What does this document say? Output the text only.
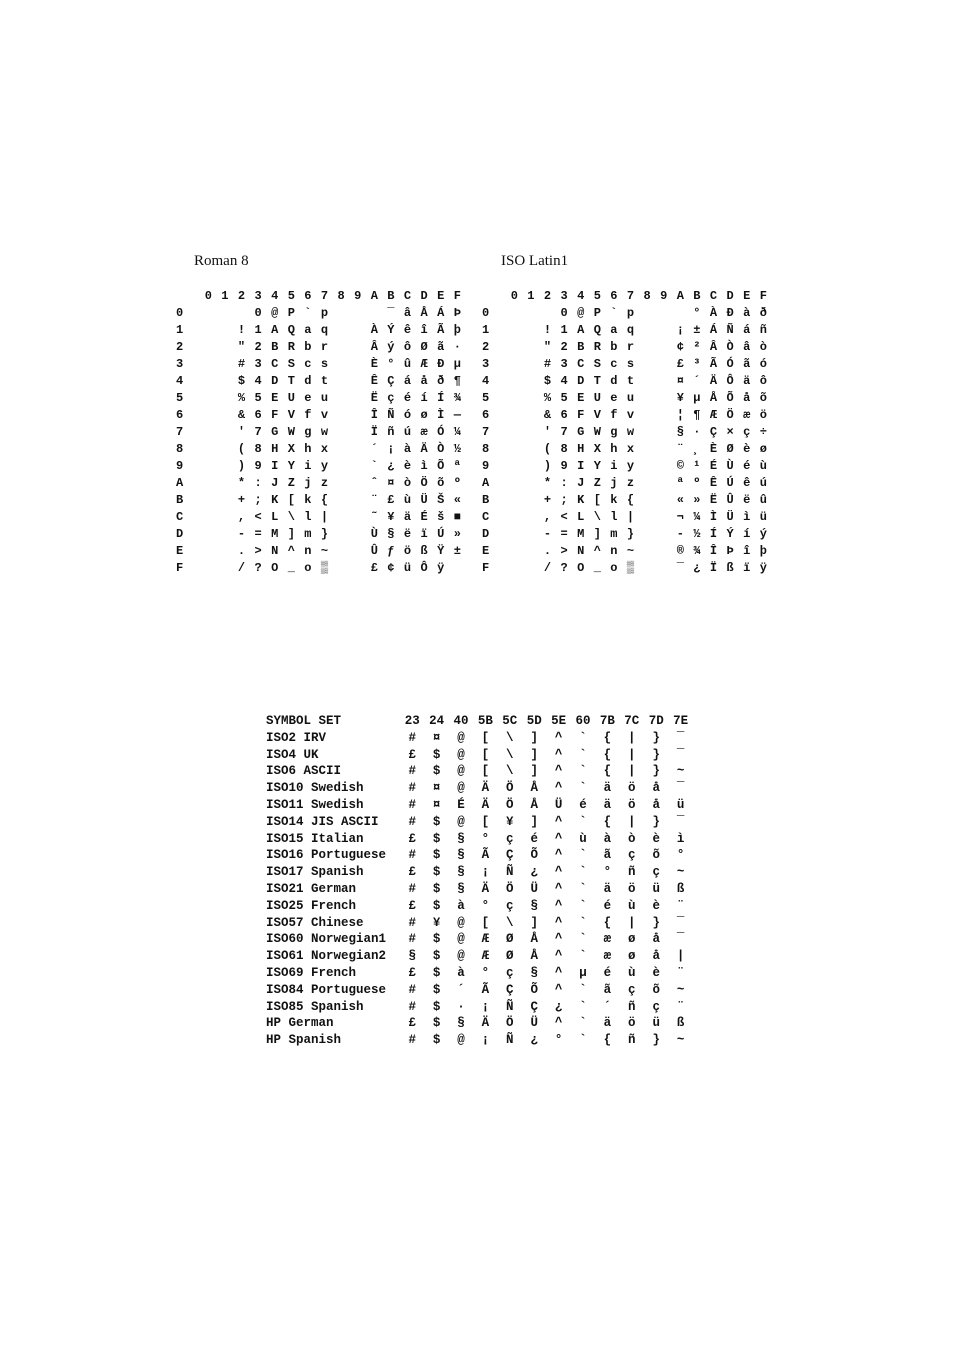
Roman 8	ISO Latin1
0 1 2 3 4 5 6 7 8 9 A B C D E F
0	0 @ P ` p	¯ â Å Á Þ
1	! 1 A Q a q	À Ý ê î Ã þ
2	" 2 B R b r	Â ý ô Ø ã ·
3	# 3 C S c s	È ° û Æ Ð µ
4	$ 4 D T d t	Ê Ç á å ð ¶
5	% 5 E U e u	Ë ç é í Í ¾
6	& 6 F V f v	Î Ñ ó ø Ì —
7	' 7 G W g w	Ï ñ ú æ Ó ¼
8	( 8 H X h x	´ ¡ à Ä Ò ½
9	) 9 I Y i y	` ¿ è ì Õ ª
A	* : J Z j z	ˆ ¤ ò Ö õ º
B	+ ; K [ k {	¨ £ ù Ü Š «
C	, < L \ l |	˜ ¥ ä É š ■
D	- = M ] m }	Ù § ë ï Ú »
E	. > N ^ n ~	Û ƒ ö ß Ÿ ±
F	/ ? O _ o ▒	£ ¢ ü Ô ÿ
0 1 2 3 4 5 6 7 8 9 A B C D E F
0	0 @ P ` p	° À Ð à ð
1	! 1 A Q a q	¡ ± Á Ñ á ñ
2	" 2 B R b r	¢ ² Â Ò â ò
3	# 3 C S c s	£ ³ Ã Ó ã ó
4	$ 4 D T d t	¤ ´ Ä Ô ä ô
5	% 5 E U e u	¥ µ Å Õ å õ
6	& 6 F V f v	¦ ¶ Æ Ö æ ö
7	' 7 G W g w	§ · Ç × ç ÷
8	( 8 H X h x	¨ ¸ È Ø è ø
9	) 9 I Y i y	© ¹ É Ù é ù
A	* : J Z j z	ª º Ê Ú ê ú
B	+ ; K [ k {	« » Ë Û ë û
C	, < L \ l |	¬ ¼ Ì Ü ì ü
D	- = M ] m }	- ½ Í Ý í ý
E	. > N ^ n ~	® ¾ Î Þ î þ
F	/ ? O _ o ▒	¯ ¿ Ï ß ï ÿ
SYMBOL SET	23 24 40 5B 5C 5D 5E 60 7B 7C 7D 7E
ISO2 IRV	#	¤	@	[	\	]	^	`	{	|	}	‾
ISO4 UK	£	$	@	[	\	]	^	`	{	|	}	‾
ISO6 ASCII	#	$	@	[	\	]	^	`	{	|	}	~
ISO10 Swedish	#	¤	@	Ä	Ö	Å	^	`	ä	ö	å	‾
ISO11 Swedish	#	¤	É	Ä	Ö	Å	Ü	é	ä	ö	å	ü
ISO14 JIS ASCII	#	$	@	[	¥	]	^	`	{	|	}	‾
ISO15 Italian	£	$	§	°	ç	é	^	ù	à	ò	è	ì
ISO16 Portuguese	#	$	§	Ã	Ç	Õ	^	`	ã	ç	õ	°
ISO17 Spanish	£	$	§	¡	Ñ	¿	^	`	°	ñ	ç	~
ISO21 German	#	$	§	Ä	Ö	Ü	^	`	ä	ö	ü	ß
ISO25 French	£	$	à	°	ç	§	^	`	é	ù	è	¨
ISO57 Chinese	#	¥	@	[	\	]	^	`	{	|	}	‾
ISO60 Norwegian1	#	$	@	Æ	Ø	Å	^	`	æ	ø	å	‾
ISO61 Norwegian2	§	$	@	Æ	Ø	Å	^	`	æ	ø	å	|
ISO69 French	£	$	à	°	ç	§	^	µ	é	ù	è	¨
ISO84 Portuguese	#	$	´	Ã	Ç	Õ	^	`	ã	ç	õ	~
ISO85 Spanish	#	$	·	¡	Ñ	Ç	¿	`	´	ñ	ç	¨
HP German	£	$	§	Ä	Ö	Ü	^	`	ä	ö	ü	ß
HP Spanish	#	$	@	¡	Ñ	¿	°	`	{	ñ	}	~
